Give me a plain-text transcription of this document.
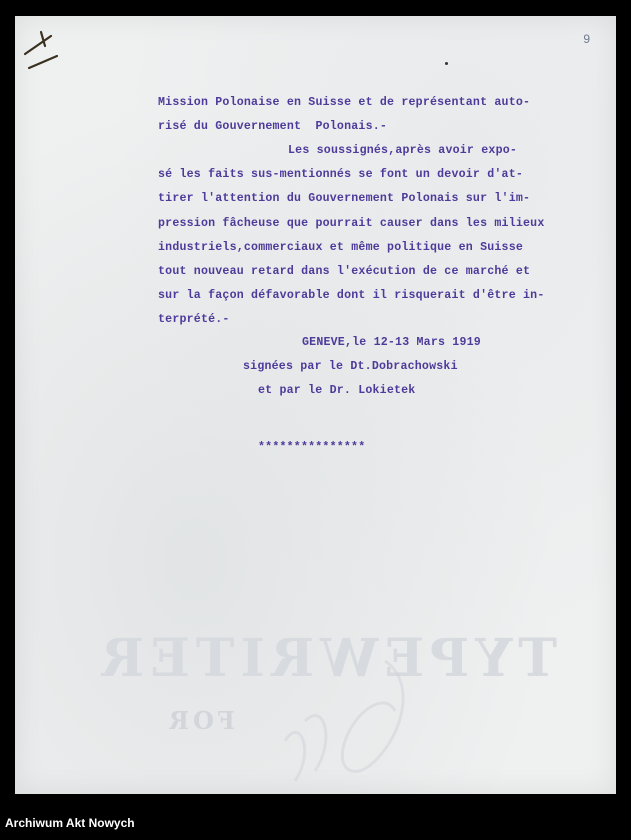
9
TYPEWRITER
FOR
Mission Polonaise en Suisse et de représentant auto-
risé du Gouvernement  Polonais.-
Les soussignés,après avoir expo-
sé les faits sus-mentionnés se font un devoir d'at-
tirer l'attention du Gouvernement Polonais sur l'im-
pression fâcheuse que pourrait causer dans les milieux
industriels,commerciaux et même politique en Suisse
tout nouveau retard dans l'exécution de ce marché et
sur la façon défavorable dont il risquerait d'être in-
terprété.-
GENEVE,le 12-13 Mars 1919
signées par le Dt.Dobrachowski
et par le Dr. Lokietek
***************
Archiwum Akt Nowych
